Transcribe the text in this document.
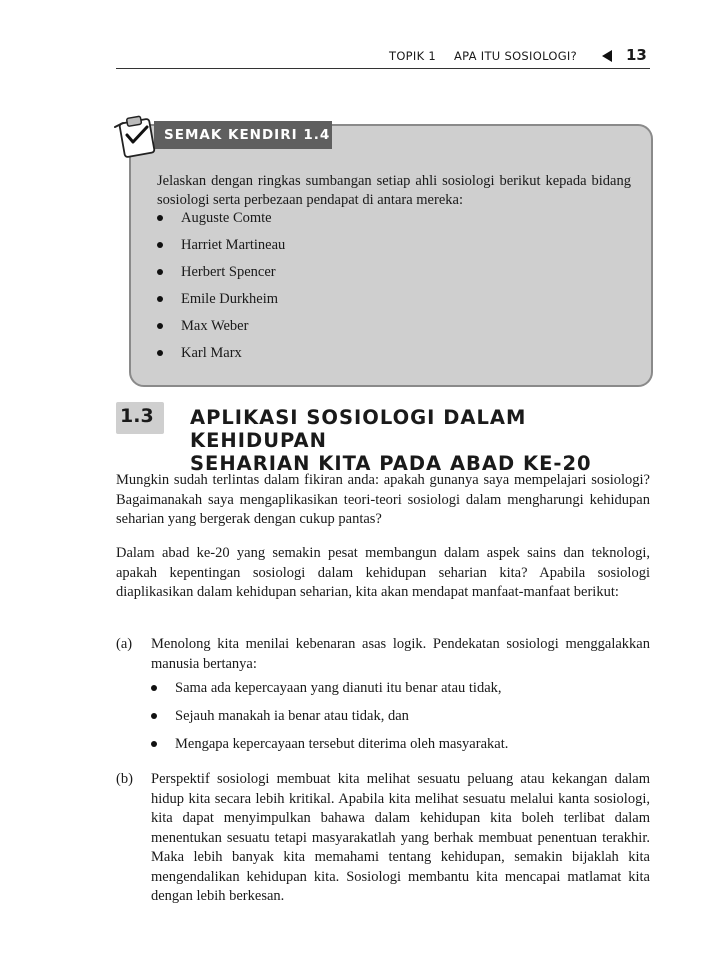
TOPIK 1 APA ITU SOSIOLOGI?	13
SEMAK KENDIRI 1.4

Jelaskan dengan ringkas sumbangan setiap ahli sosiologi berikut kepada bidang sosiologi serta perbezaan pendapat di antara mereka:

Auguste Comte
Harriet Martineau
Herbert Spencer
Emile Durkheim
Max Weber
Karl Marx
1.3 APLIKASI SOSIOLOGI DALAM KEHIDUPAN
SEHARIAN KITA PADA ABAD KE-20

Mungkin sudah terlintas dalam fikiran anda: apakah gunanya saya mempelajari sosiologi? Bagaimanakah saya mengaplikasikan teori-teori sosiologi dalam mengharungi kehidupan seharian yang bergerak dengan cukup pantas?

Dalam abad ke-20 yang semakin pesat membangun dalam aspek sains dan teknologi, apakah kepentingan sosiologi dalam kehidupan seharian kita? Apabila sosiologi diaplikasikan dalam kehidupan seharian, kita akan mendapat manfaat-manfaat berikut:

(a) Menolong kita menilai kebenaran asas logik. Pendekatan sosiologi menggalakkan manusia bertanya:

Sama ada kepercayaan yang dianuti itu benar atau tidak,
Sejauh manakah ia benar atau tidak, dan
Mengapa kepercayaan tersebut diterima oleh masyarakat.
(b) Perspektif sosiologi membuat kita melihat sesuatu peluang atau kekangan dalam hidup kita secara lebih kritikal. Apabila kita melihat sesuatu melalui kanta sosiologi, kita dapat menyimpulkan bahawa dalam kehidupan kita boleh terlibat dalam menentukan sesuatu tetapi masyarakatlah yang berhak membuat penentuan terakhir. Maka lebih banyak kita memahami tentang kehidupan, semakin bijaklah kita mengendalikan kehidupan kita. Sosiologi membantu kita mencapai matlamat kita dengan lebih berkesan.
